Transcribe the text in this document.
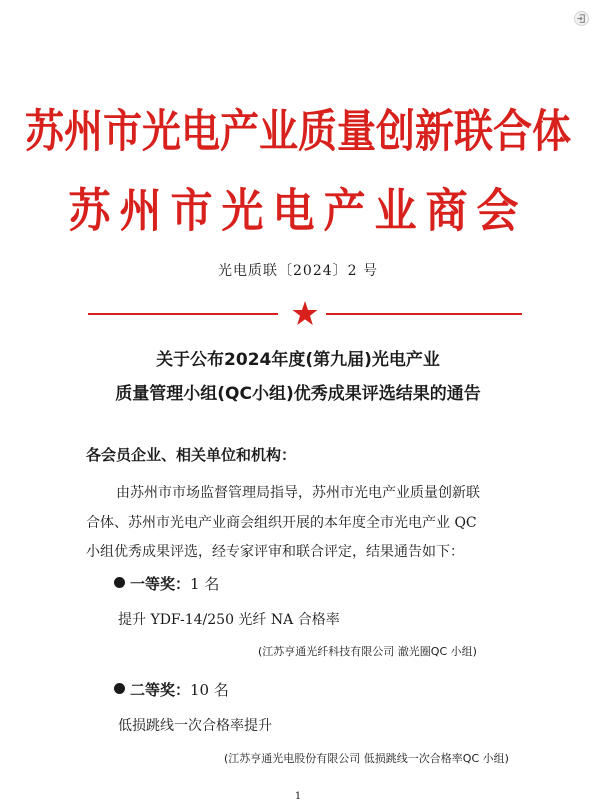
苏州市光电产业质量创新联合体
苏州市光电产业商会
光电质联〔2024〕2 号
关于公布2024年度(第九届)光电产业
质量管理小组(QC小组)优秀成果评选结果的通告
各会员企业、相关单位和机构：
由苏州市市场监督管理局指导，苏州市光电产业质量创新联
合体、苏州市光电产业商会组织开展的本年度全市光电产业 QC
小组优秀成果评选，经专家评审和联合评定，结果通告如下：
一等奖：1 名
提升 YDF-14/250 光纤 NA 合格率
(江苏亨通光纤科技有限公司 澈光圈QC 小组)
二等奖：10 名
低损跳线一次合格率提升
(江苏亨通光电股份有限公司 低损跳线一次合格率QC 小组)
1
